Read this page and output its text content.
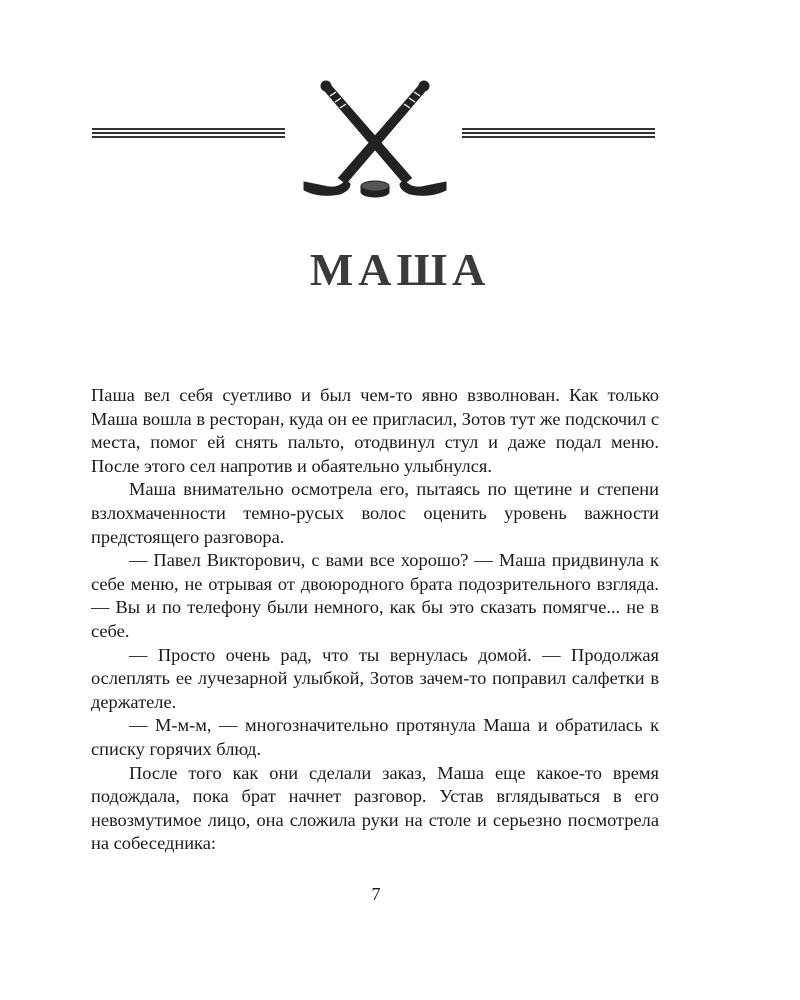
МАША

Паша вел себя суетливо и был чем-то явно взволнован. Как только Маша вошла в ресторан, куда он ее пригласил, Зотов тут же подскочил с места, помог ей снять пальто, отодвинул стул и даже подал меню. После этого сел напротив и обаятельно улыбнулся.

Маша внимательно осмотрела его, пытаясь по щетине и степени взлохмаченности темно-русых волос оценить уровень важности предстоящего разговора.

— Павел Викторович, с вами все хорошо? — Маша придвинула к себе меню, не отрывая от двоюродного брата подозрительного взгляда. — Вы и по телефону были немного, как бы это сказать помягче... не в себе.

— Просто очень рад, что ты вернулась домой. — Продолжая ослеплять ее лучезарной улыбкой, Зотов зачем-то поправил салфетки в держателе.

— М-м-м, — многозначительно протянула Маша и обратилась к списку горячих блюд.

После того как они сделали заказ, Маша еще какое-то время подождала, пока брат начнет разговор. Устав вглядываться в его невозмутимое лицо, она сложила руки на столе и серьезно посмотрела на собеседника:

7
